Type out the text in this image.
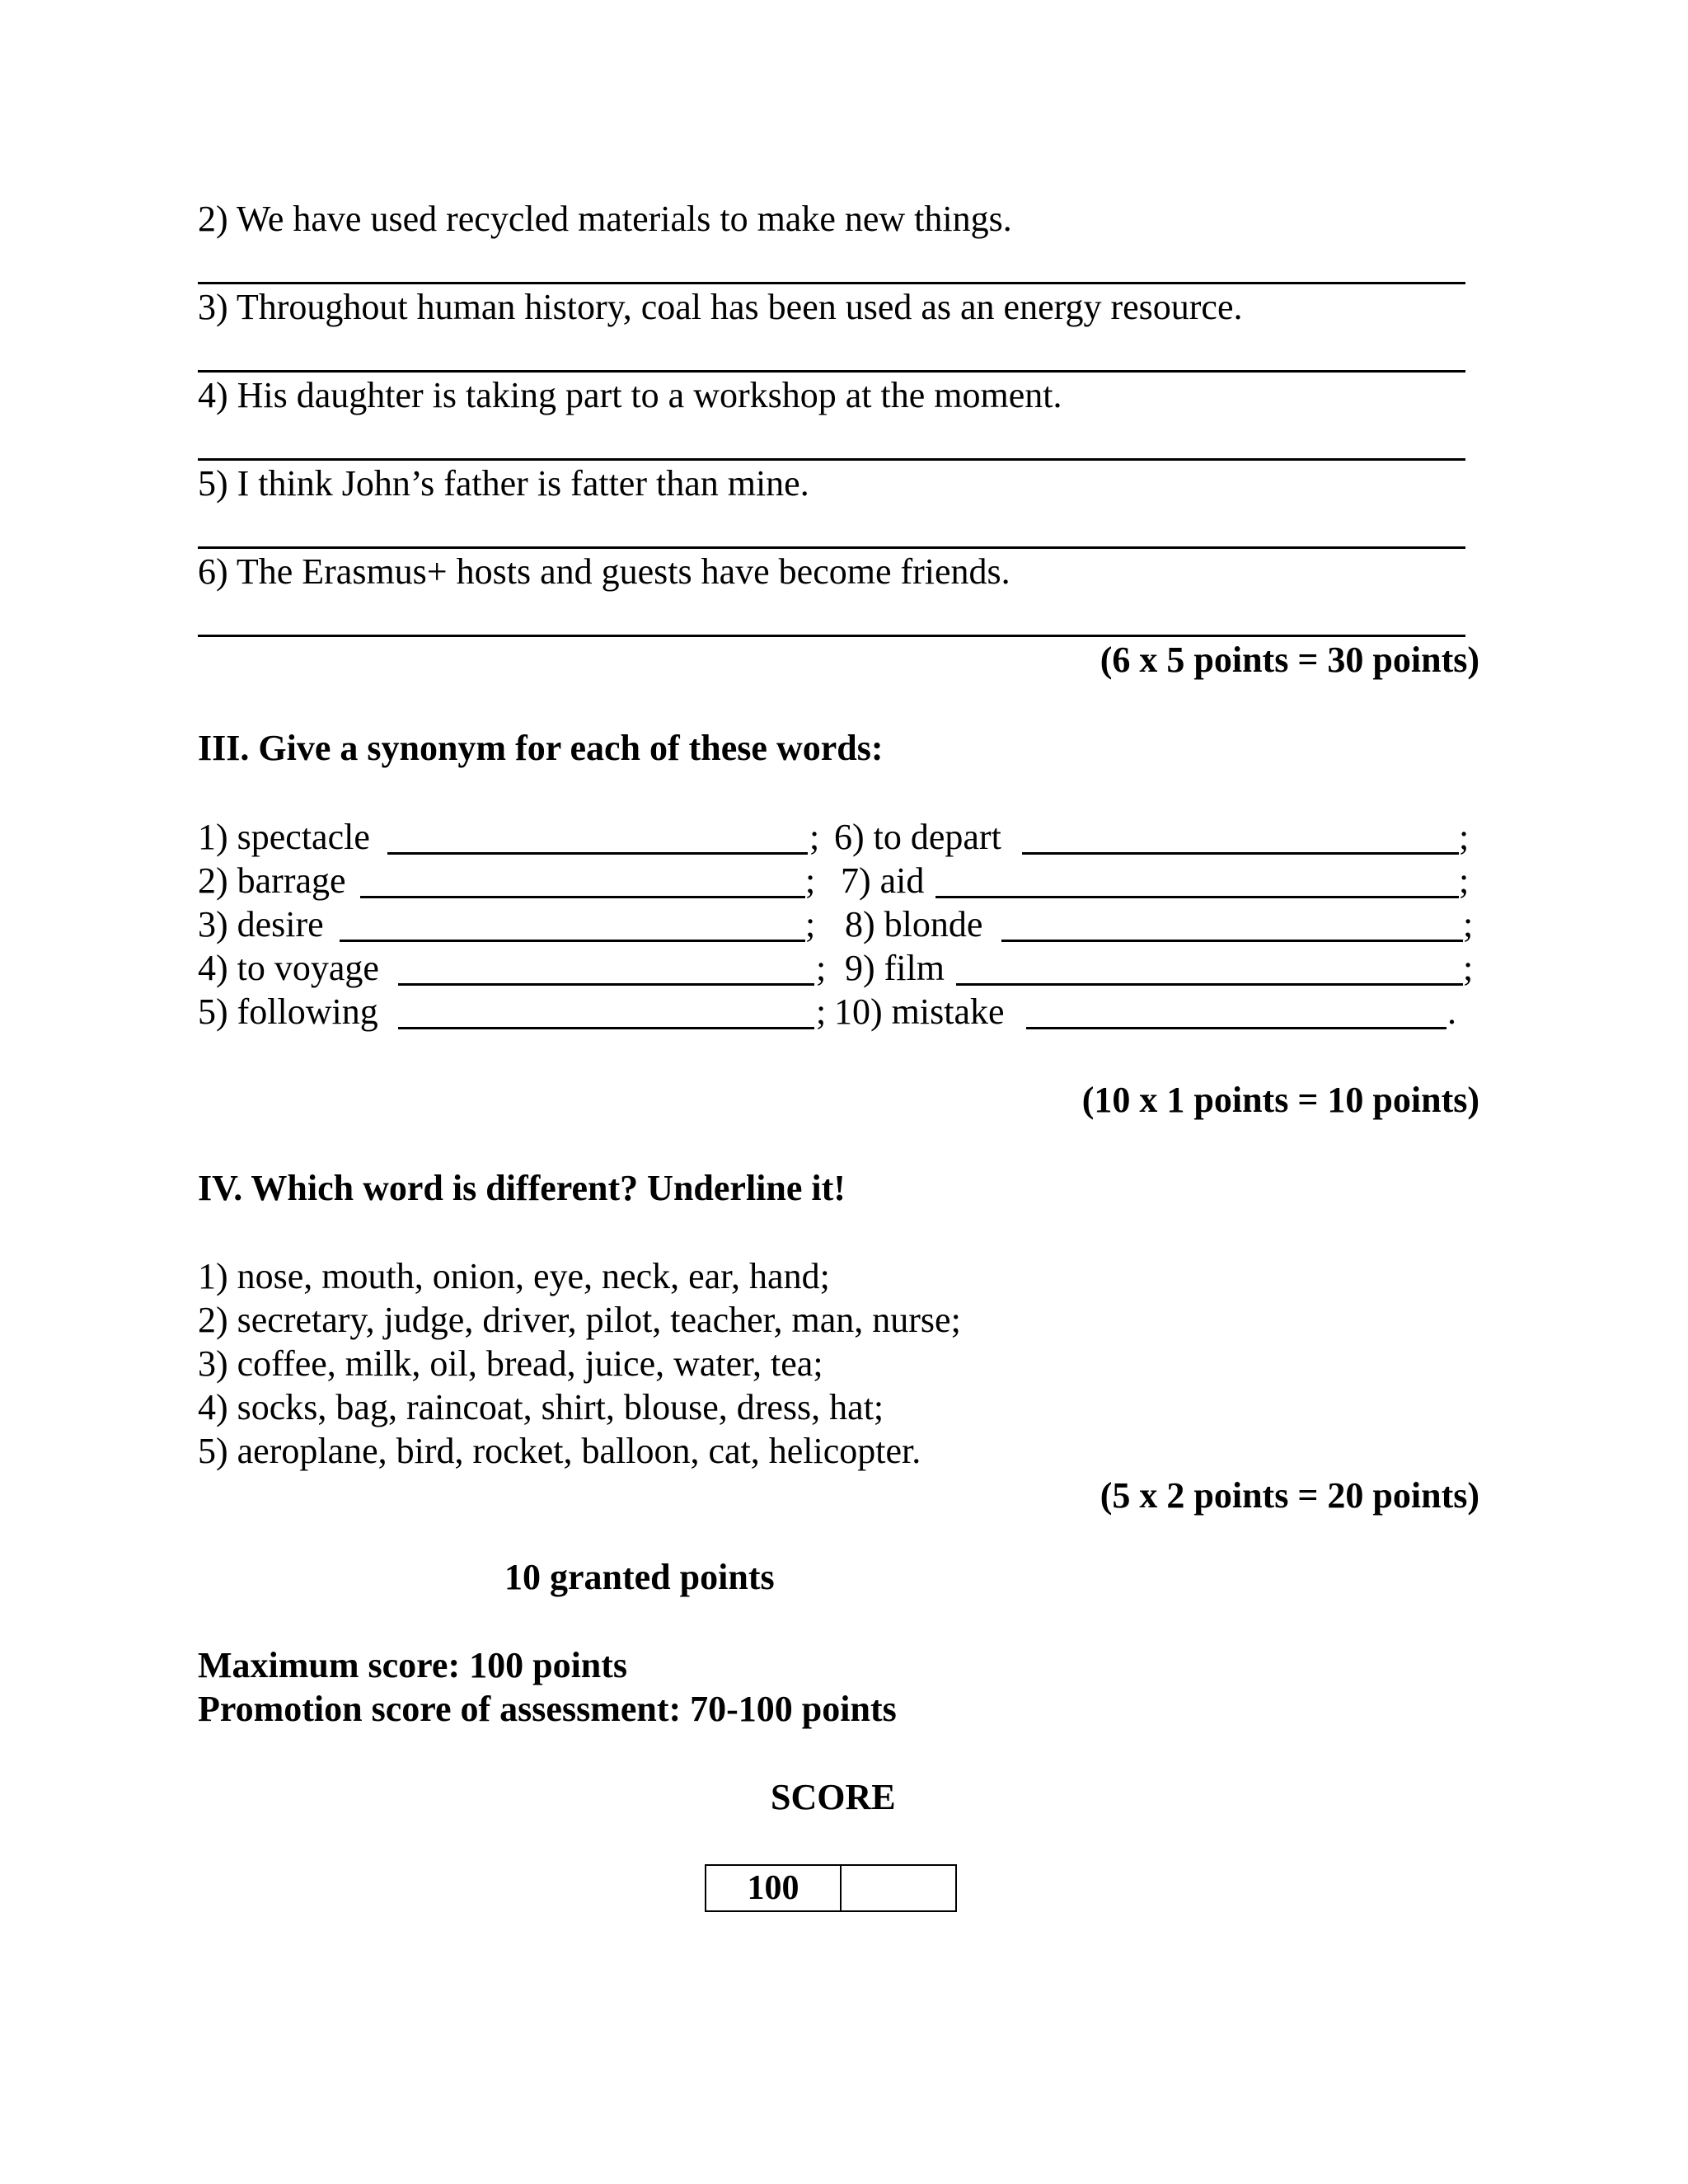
2) We have used recycled materials to make new things.
3) Throughout human history, coal has been used as an energy resource.
4) His daughter is taking part to a workshop at the moment.
5) I think John’s father is fatter than mine.
6) The Erasmus+ hosts and guests have become friends.
(6 x 5 points = 30 points)
III. Give a synonym for each of these words:
1) spectacle	;
2) barrage	;
3) desire	;
4) to voyage	;
5) following	;
6) to depart	;
7) aid	;
8) blonde	;
9) film	;
10) mistake	.
(10 x 1 points = 10 points)
IV. Which word is different? Underline it!
1) nose, mouth, onion, eye, neck, ear, hand;
2) secretary, judge, driver, pilot, teacher, man, nurse;
3) coffee, milk, oil, bread, juice, water, tea;
4) socks, bag, raincoat, shirt, blouse, dress, hat;
5) aeroplane, bird, rocket, balloon, cat, helicopter.
(5 x 2 points = 20 points)
10 granted points
Maximum score: 100 points
Promotion score of assessment: 70-100 points
SCORE
100	
